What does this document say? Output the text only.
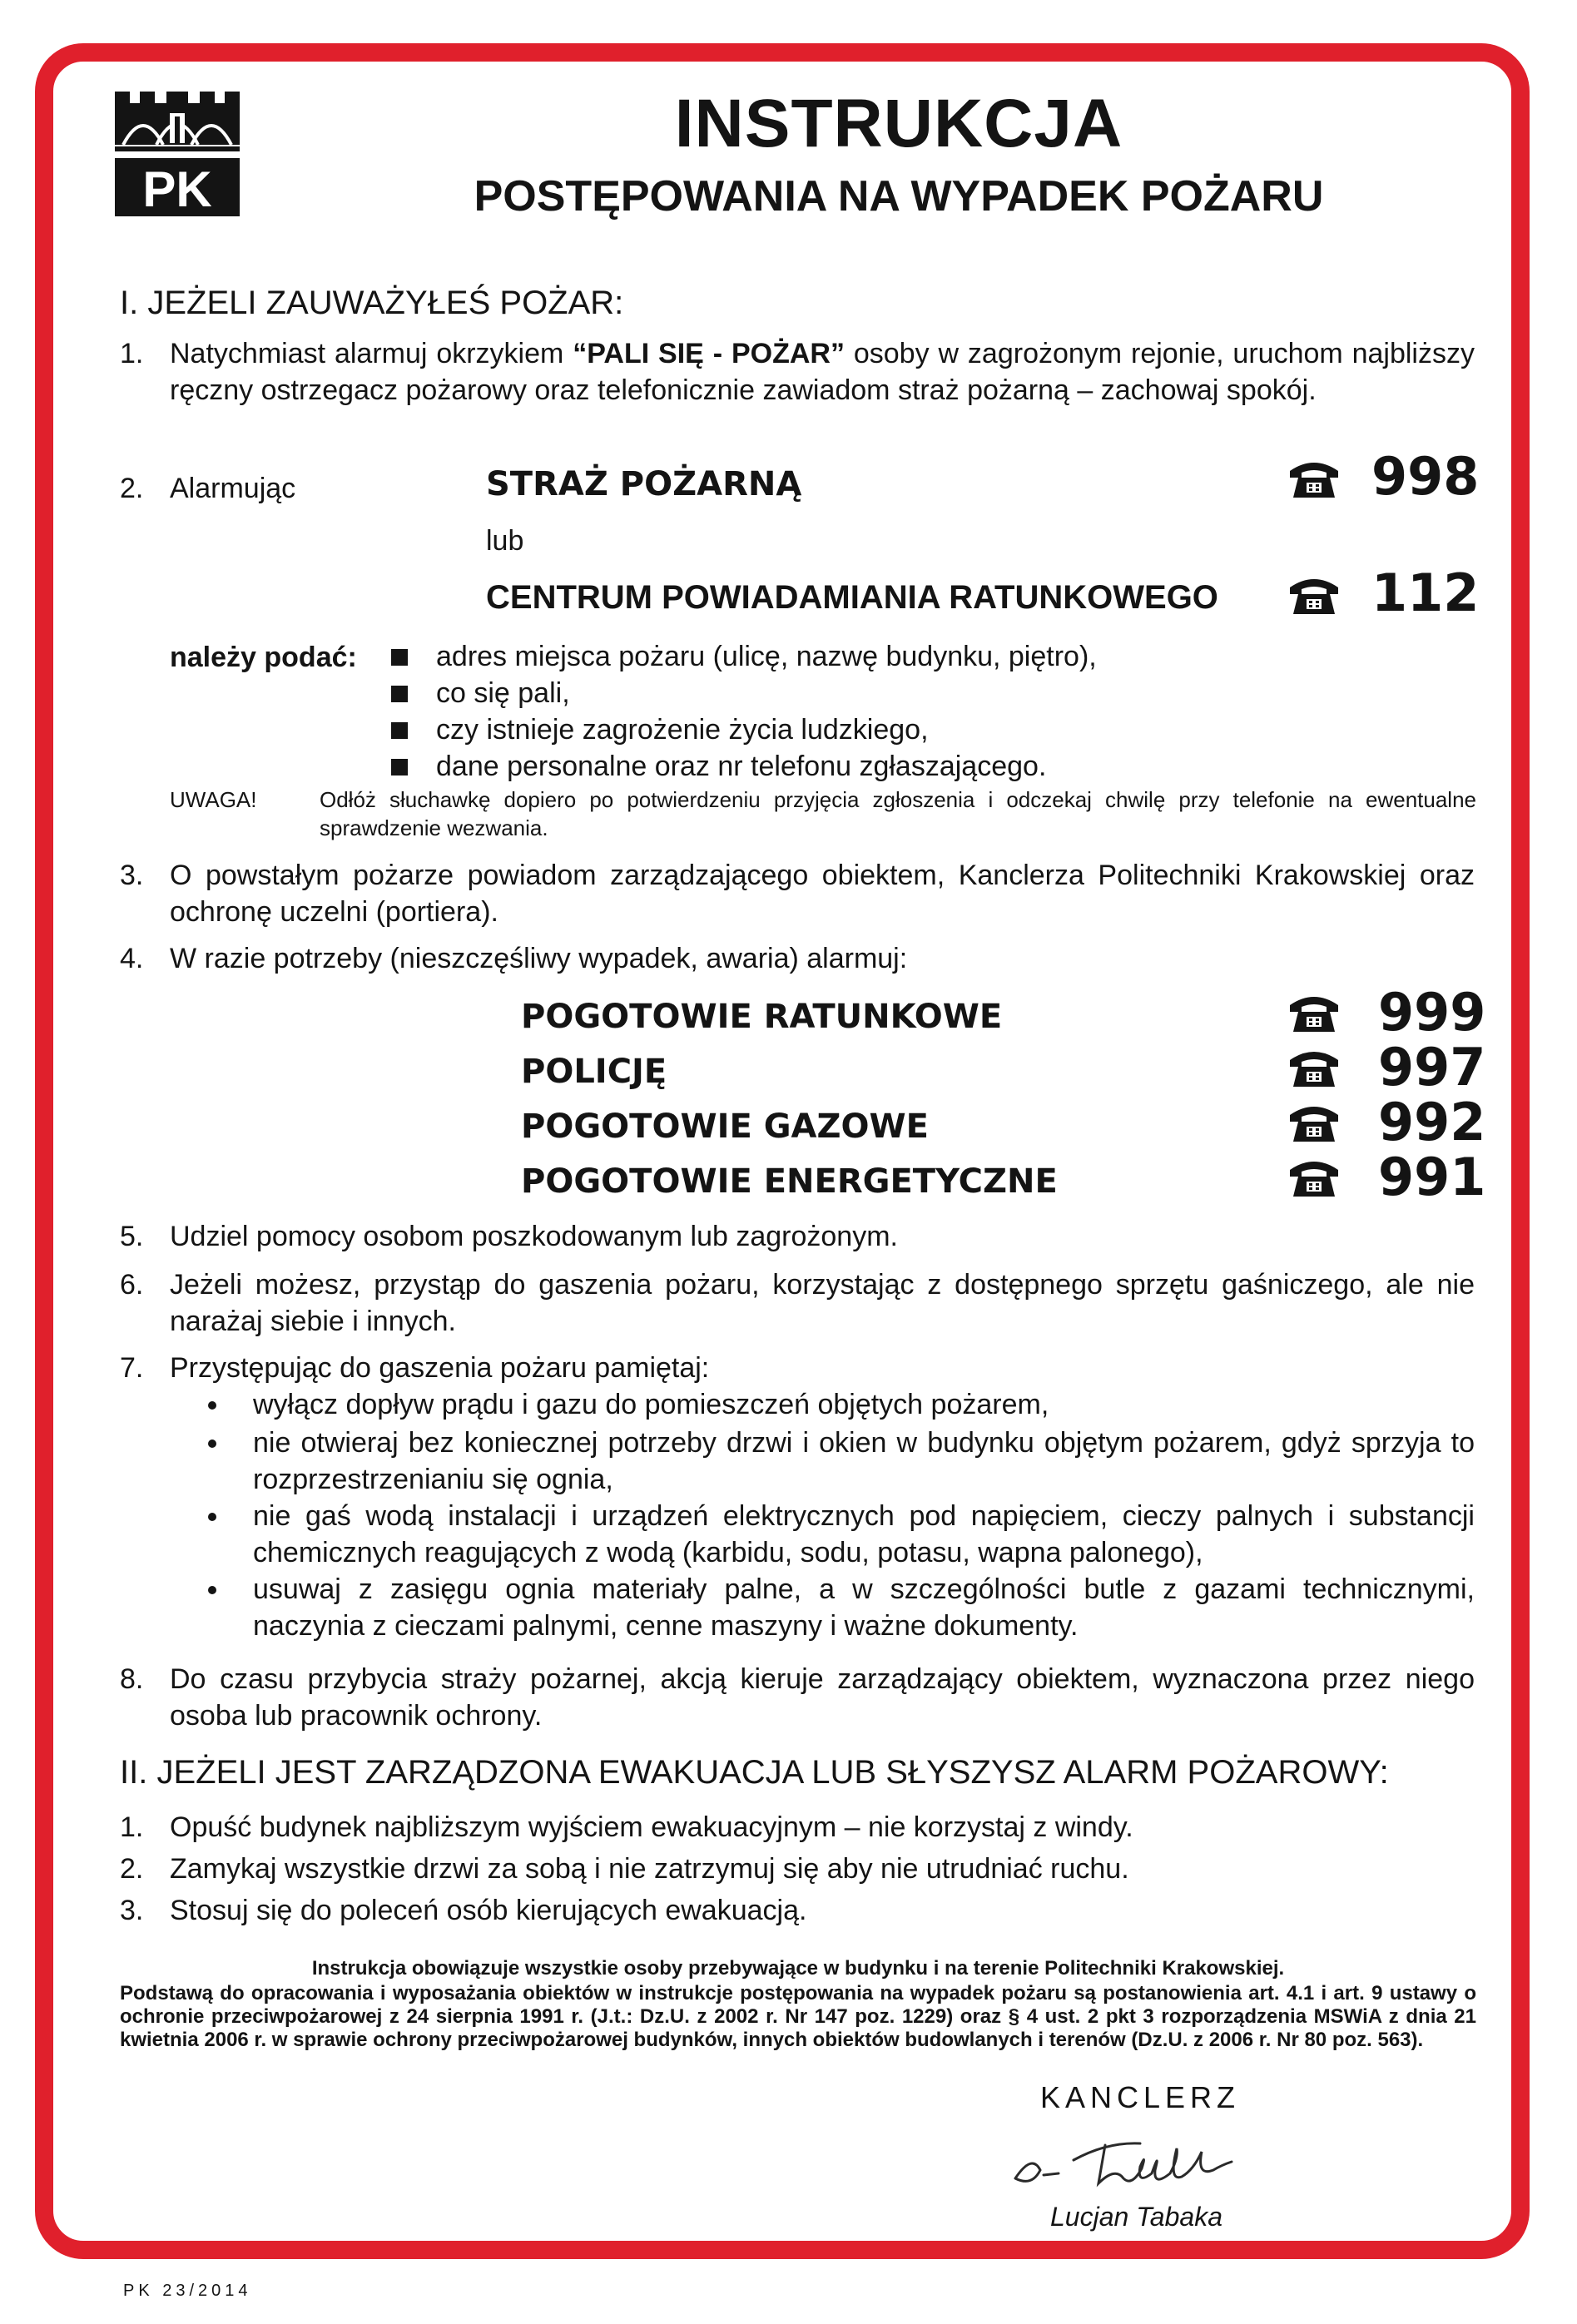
PK
INSTRUKCJA
POSTĘPOWANIA NA WYPADEK POŻARU
I. JEŻELI ZAUWAŻYŁEŚ POŻAR:
1. Natychmiast alarmuj okrzykiem “PALI SIĘ - POŻAR” osoby w zagrożonym rejonie, uruchom najbliższy ręczny ostrzegacz pożarowy oraz telefonicznie zawiadom straż pożarną – zachowaj spokój.
2. Alarmując	STRAŻ POŻARNĄ	998
lub
CENTRUM POWIADAMIANIA RATUNKOWEGO	112
należy podać:	adres miejsca pożaru (ulicę, nazwę budynku, piętro),
co się pali,
czy istnieje zagrożenie życia ludzkiego,
dane personalne oraz nr telefonu zgłaszającego.
UWAGA!	Odłóż słuchawkę dopiero po potwierdzeniu przyjęcia zgłoszenia i odczekaj chwilę przy telefonie na ewentualne sprawdzenie wezwania.
3. O powstałym pożarze powiadom zarządzającego obiektem, Kanclerza Politechniki Krakowskiej oraz ochronę uczelni (portiera).
4. W razie potrzeby (nieszczęśliwy wypadek, awaria) alarmuj:
POGOTOWIE RATUNKOWE	999
POLICJĘ	997
POGOTOWIE GAZOWE	992
POGOTOWIE ENERGETYCZNE	991
5. Udziel pomocy osobom poszkodowanym lub zagrożonym.
6. Jeżeli możesz, przystąp do gaszenia pożaru, korzystając z dostępnego sprzętu gaśniczego, ale nie narażaj siebie i innych.
7. Przystępując do gaszenia pożaru pamiętaj:
wyłącz dopływ prądu i gazu do pomieszczeń objętych pożarem,
nie otwieraj bez koniecznej potrzeby drzwi i okien w budynku objętym pożarem, gdyż sprzyja to rozprzestrzenianiu się ognia,
nie gaś wodą instalacji i urządzeń elektrycznych pod napięciem, cieczy palnych i substancji chemicznych reagujących z wodą (karbidu, sodu, potasu, wapna palonego),
usuwaj z zasięgu ognia materiały palne, a w szczególności butle z gazami technicznymi, naczynia z cieczami palnymi, cenne maszyny i ważne dokumenty.
8. Do czasu przybycia straży pożarnej, akcją kieruje zarządzający obiektem, wyznaczona przez niego osoba lub pracownik ochrony.
II. JEŻELI JEST ZARZĄDZONA EWAKUACJA LUB SŁYSZYSZ ALARM POŻAROWY:
1. Opuść budynek najbliższym wyjściem ewakuacyjnym – nie korzystaj z windy.
2. Zamykaj wszystkie drzwi za sobą i nie zatrzymuj się aby nie utrudniać ruchu.
3. Stosuj się do poleceń osób kierujących ewakuacją.
Instrukcja obowiązuje wszystkie osoby przebywające w budynku i na terenie Politechniki Krakowskiej.
Podstawą do opracowania i wyposażania obiektów w instrukcje postępowania na wypadek pożaru są postanowienia art. 4.1 i art. 9 ustawy o ochronie przeciwpożarowej z 24 sierpnia 1991 r. (J.t.: Dz.U. z 2002 r. Nr 147 poz. 1229) oraz § 4 ust. 2 pkt 3 rozporządzenia MSWiA z dnia 21 kwietnia 2006 r. w sprawie ochrony przeciwpożarowej budynków, innych obiektów budowlanych i terenów (Dz.U. z 2006 r. Nr 80 poz. 563).
KANCLERZ
Lucjan Tabaka
PK 23/2014
